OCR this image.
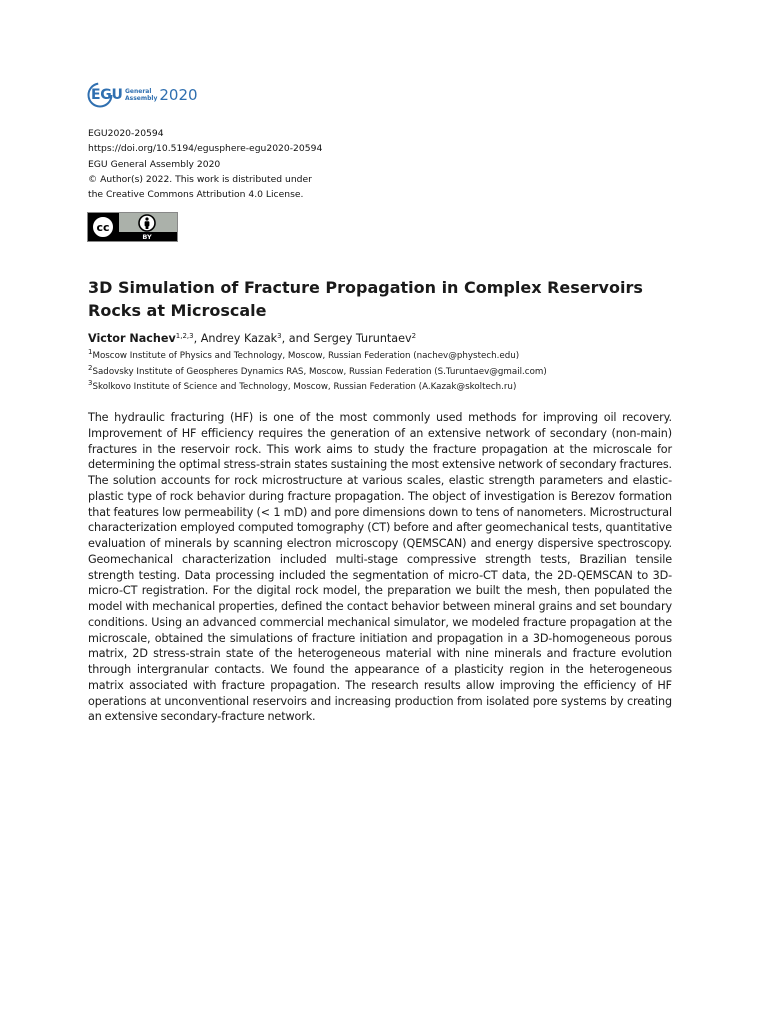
EGU General
Assembly 2020
EGU2020-20594
https://doi.org/10.5194/egusphere-egu2020-20594
EGU General Assembly 2020
© Author(s) 2022. This work is distributed under
the Creative Commons Attribution 4.0 License.
cc
BY
3D Simulation of Fracture Propagation in Complex Reservoirs Rocks at Microscale
Victor Nachev$^{1,2,3}$, Andrey Kazak$^3$, and Sergey Turuntaev$^2$
$^1$Moscow Institute of Physics and Technology, Moscow, Russian Federation (nachev@phystech.edu)
$^2$Sadovsky Institute of Geospheres Dynamics RAS, Moscow, Russian Federation (S.Turuntaev@gmail.com)
$^3$Skolkovo Institute of Science and Technology, Moscow, Russian Federation (A.Kazak@skoltech.ru)
The hydraulic fracturing (HF) is one of the most commonly used methods for improving oil recovery. Improvement of HF efficiency requires the generation of an extensive network of secondary (non-main) fractures in the reservoir rock. This work aims to study the fracture propagation at the microscale for determining the optimal stress-strain states sustaining the most extensive network of secondary fractures. The solution accounts for rock microstructure at various scales, elastic strength parameters and elastic-plastic type of rock behavior during fracture propagation. The object of investigation is Berezov formation that features low permeability (< 1 mD) and pore dimensions down to tens of nanometers. Microstructural characterization employed computed tomography (CT) before and after geomechanical tests, quantitative evaluation of minerals by scanning electron microscopy (QEMSCAN) and energy dispersive spectroscopy. Geomechanical characterization included multi-stage compressive strength tests, Brazilian tensile strength testing. Data processing included the segmentation of micro-CT data, the 2D-QEMSCAN to 3D- micro-CT registration. For the digital rock model, the preparation we built the mesh, then populated the model with mechanical properties, defined the contact behavior between mineral grains and set boundary conditions. Using an advanced commercial mechanical simulator, we modeled fracture propagation at the microscale, obtained the simulations of fracture initiation and propagation in a 3D-homogeneous porous matrix, 2D stress-strain state of the heterogeneous material with nine minerals and fracture evolution through intergranular contacts. We found the appearance of a plasticity region in the heterogeneous matrix associated with fracture propagation. The research results allow improving the efficiency of HF operations at unconventional reservoirs and increasing production from isolated pore systems by creating an extensive secondary-fracture network.
